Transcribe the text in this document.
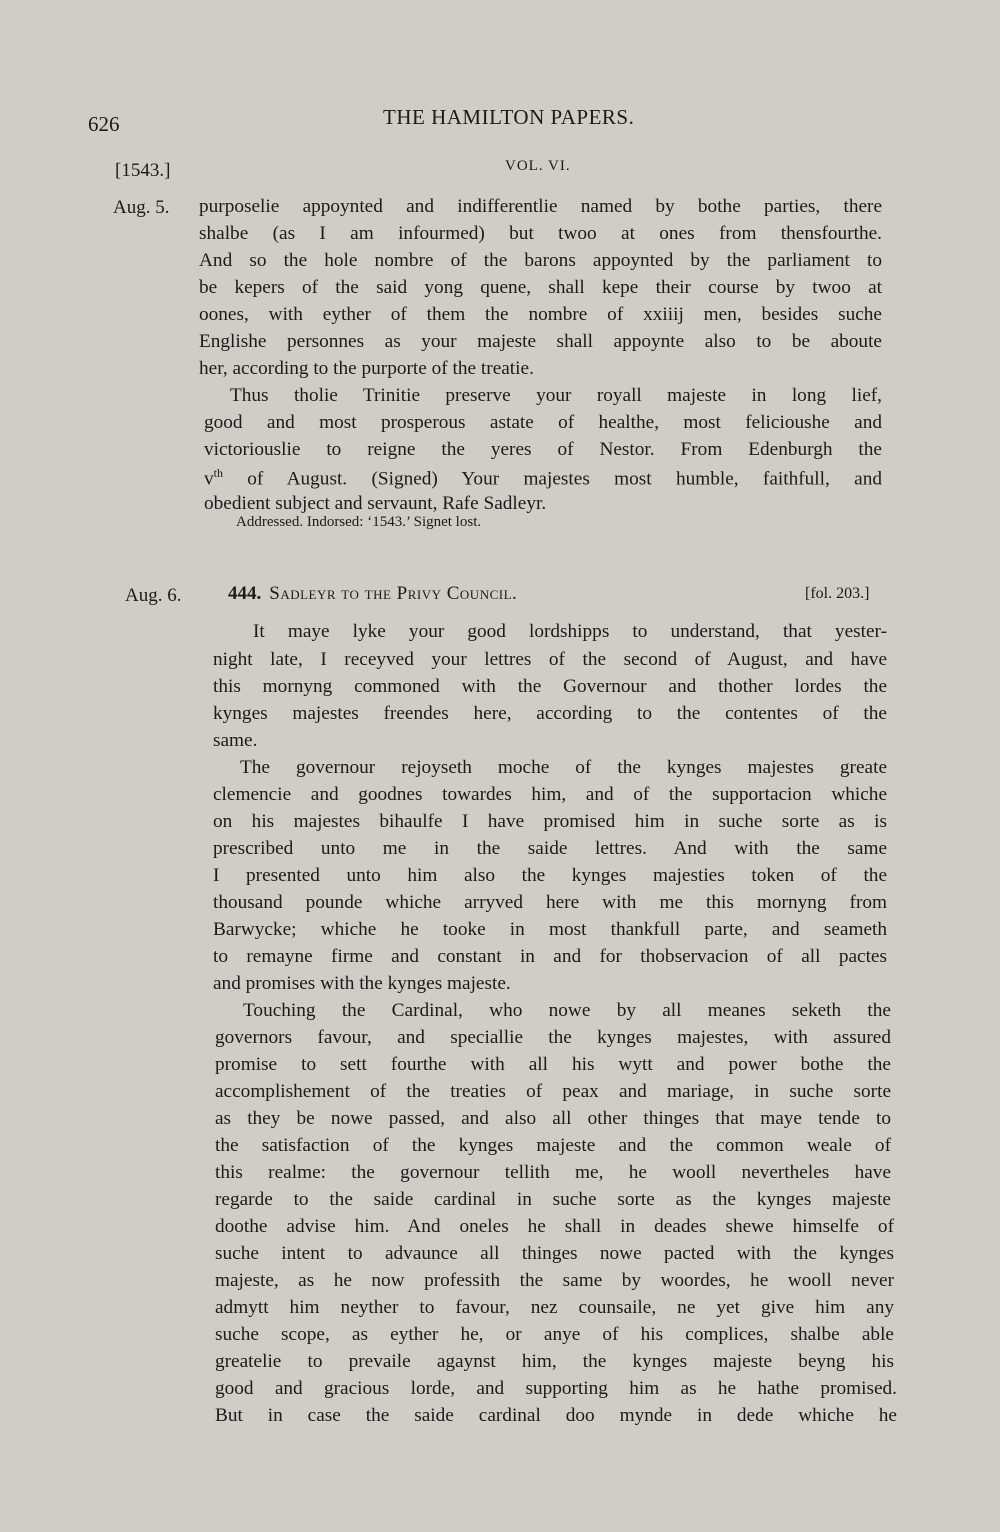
626	THE HAMILTON PAPERS.
[1543.]	VOL. VI.
Aug. 5. purposelie appoynted and indifferentlie named by bothe parties, there
shalbe (as I am infourmed) but twoo at ones from thensfourthe.
And so the hole nombre of the barons appoynted by the parliament to
be kepers of the said yong quene, shall kepe their course by twoo at
oones, with eyther of them the nombre of xxiiij men, besides suche
Englishe personnes as your majeste shall appoynte also to be aboute
her, according to the purporte of the treatie.
Thus tholie Trinitie preserve your royall majeste in long lief,
good and most prosperous astate of healthe, most felicioushe and
victoriouslie to reigne the yeres of Nestor. From Edenburgh the
$v^{th}$ of August. (Signed) Your majestes most humble, faithfull, and
obedient subject and servaunt, Rafe Sadleyr.
Addressed. Indorsed: ‘1543.’ Signet lost.
Aug. 6. 444. Sadleyr to the Privy Council.	[fol. 203.]
It maye lyke your good lordshipps to understand, that yester-
night late, I receyved your lettres of the second of August, and have
this mornyng commoned with the Governour and thother lordes the
kynges majestes freendes here, according to the contentes of the
same.
The governour rejoyseth moche of the kynges majestes greate
clemencie and goodnes towardes him, and of the supportacion whiche
on his majestes bihaulfe I have promised him in suche sorte as is
prescribed unto me in the saide lettres. And with the same
I presented unto him also the kynges majesties token of the
thousand pounde whiche arryved here with me this mornyng from
Barwycke; whiche he tooke in most thankfull parte, and seameth
to remayne firme and constant in and for thobservacion of all pactes
and promises with the kynges majeste.
Touching the Cardinal, who nowe by all meanes seketh the
governors favour, and speciallie the kynges majestes, with assured
promise to sett fourthe with all his wytt and power bothe the
accomplishement of the treaties of peax and mariage, in suche sorte
as they be nowe passed, and also all other thinges that maye tende to
the satisfaction of the kynges majeste and the common weale of
this realme: the governour tellith me, he wooll nevertheles have
regarde to the saide cardinal in suche sorte as the kynges majeste
doothe advise him. And oneles he shall in deades shewe himselfe of
suche intent to advaunce all thinges nowe pacted with the kynges
majeste, as he now professith the same by woordes, he wooll never
admytt him neyther to favour, nez counsaile, ne yet give him any
suche scope, as eyther he, or anye of his complices, shalbe able
greatelie to prevaile agaynst him, the kynges majeste beyng his
good and gracious lorde, and supporting him as he hathe promised.
But in case the saide cardinal doo mynde in dede whiche he
